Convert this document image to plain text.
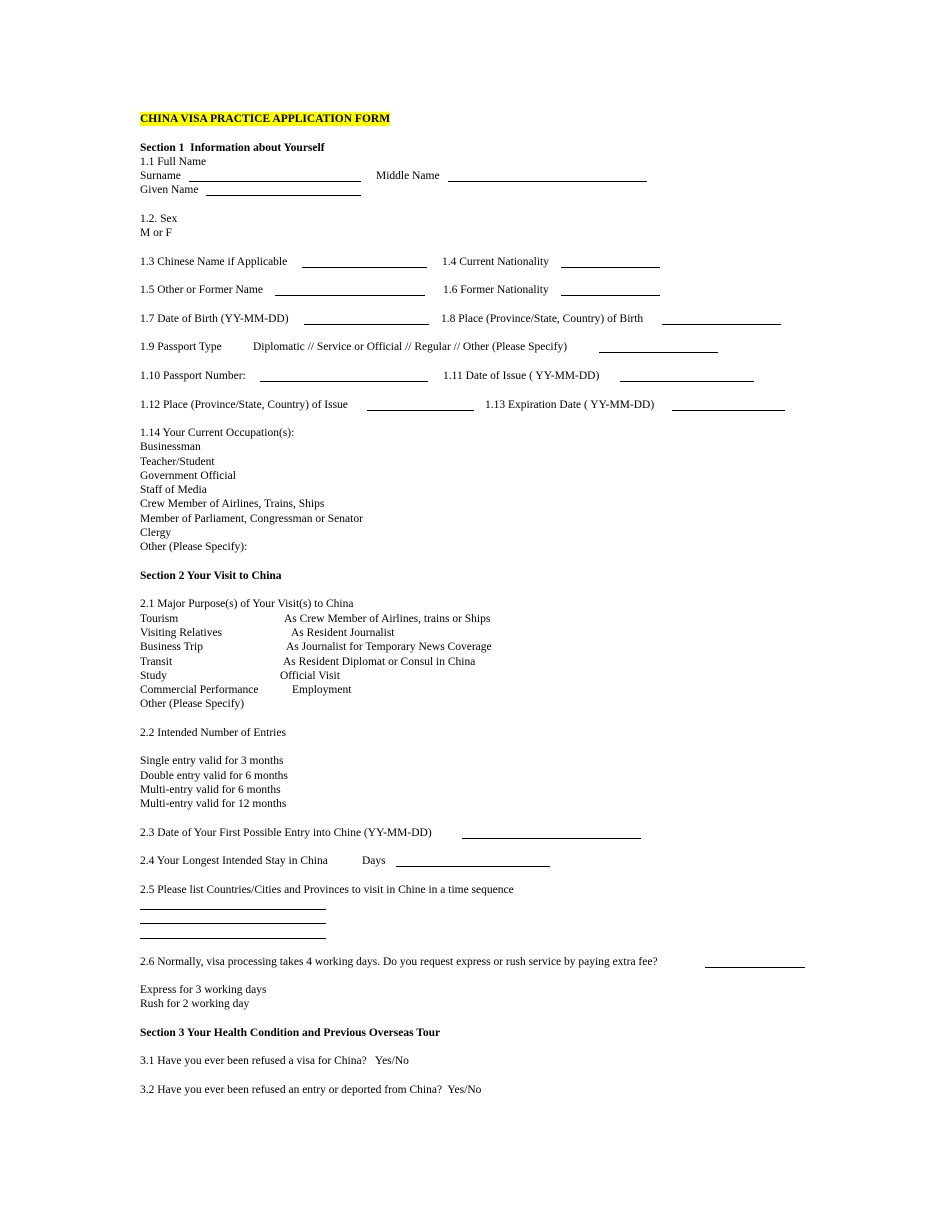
CHINA VISA PRACTICE APPLICATION FORM
Section 1  Information about Yourself
1.1 Full Name
Surname	Middle Name
Given Name
1.2. Sex
M or F
1.3 Chinese Name if Applicable	1.4 Current Nationality
1.5 Other or Former Name	1.6 Former Nationality
1.7 Date of Birth (YY-MM-DD)	1.8 Place (Province/State, Country) of Birth
1.9 Passport Type	Diplomatic // Service or Official // Regular // Other (Please Specify)
1.10 Passport Number:	1.11 Date of Issue ( YY-MM-DD)
1.12 Place (Province/State, Country) of Issue	1.13 Expiration Date ( YY-MM-DD)
1.14 Your Current Occupation(s):
Businessman
Teacher/Student
Government Official
Staff of Media
Crew Member of Airlines, Trains, Ships
Member of Parliament, Congressman or Senator
Clergy
Other (Please Specify):
Section 2 Your Visit to China
2.1 Major Purpose(s) of Your Visit(s) to China
Tourism	As Crew Member of Airlines, trains or Ships
Visiting Relatives	As Resident Journalist
Business Trip	As Journalist for Temporary News Coverage
Transit	As Resident Diplomat or Consul in China
Study	Official Visit
Commercial Performance	Employment
Other (Please Specify)
2.2 Intended Number of Entries
Single entry valid for 3 months
Double entry valid for 6 months
Multi-entry valid for 6 months
Multi-entry valid for 12 months
2.3 Date of Your First Possible Entry into Chine (YY-MM-DD)
2.4 Your Longest Intended Stay in China	Days
2.5 Please list Countries/Cities and Provinces to visit in Chine in a time sequence
2.6 Normally, visa processing takes 4 working days. Do you request express or rush service by paying extra fee?
Express for 3 working days
Rush for 2 working day
Section 3 Your Health Condition and Previous Overseas Tour
3.1 Have you ever been refused a visa for China?   Yes/No
3.2 Have you ever been refused an entry or deported from China?  Yes/No
